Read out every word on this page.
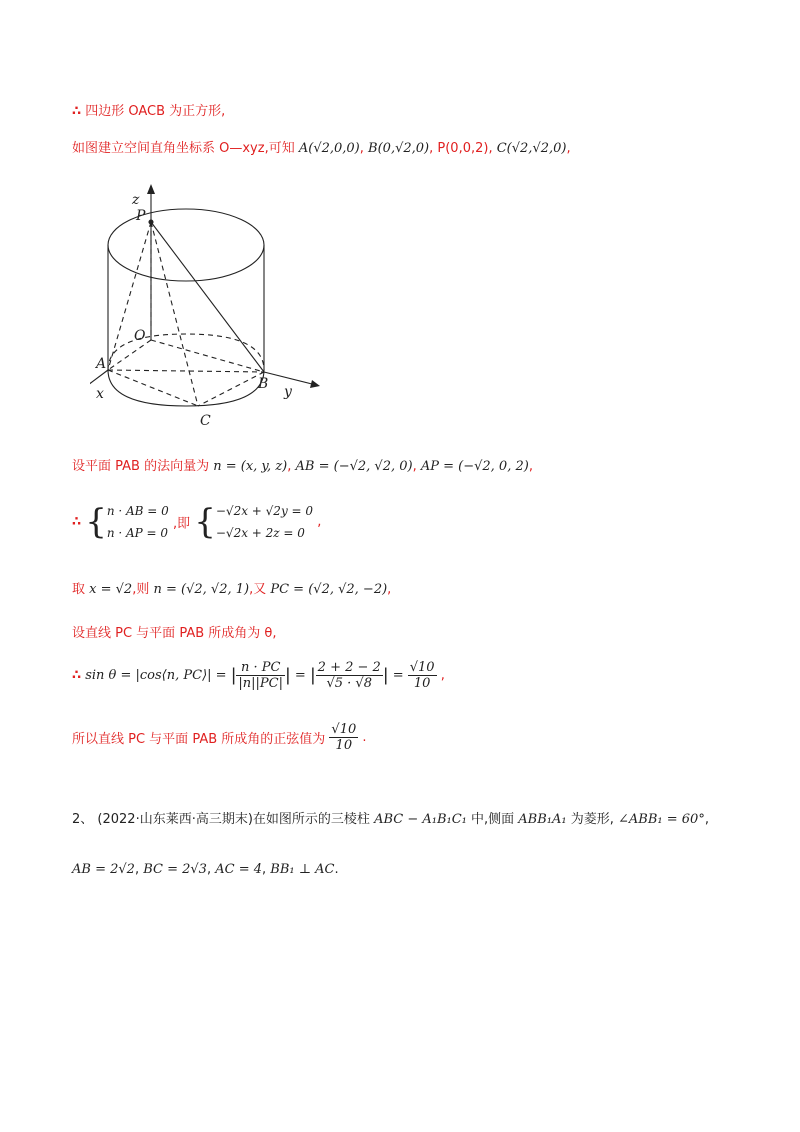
∴ 四边形 OACB 为正方形,
如图建立空间直角坐标系 O—xyz,可知 A(√2,0,0), B(0,√2,0), P(0,0,2), C(√2,√2,0),
z
P
O
A
x
B y
C
设平面 PAB 的法向量为 n = (x, y, z), AB = (−√2, √2, 0), AP = (−√2, 0, 2),
∴ {n · AB = 0
n · AP = 0 ,即 {−√2x + √2y = 0
−√2x + 2z = 0 ,
取 x = √2,则 n = (√2, √2, 1),又 PC = (√2, √2, −2),
设直线 PC 与平面 PAB 所成角为 θ,
∴ sin θ = |cos⟨n, PC⟩| = | $\frac{n \cdot PC}{|n||PC|}$ | = | $\frac{2 + 2 - 2}{√5 \cdot √8}$ | = $\frac{√10}{10}$ ,
所以直线 PC 与平面 PAB 所成角的正弦值为 $\frac{√10}{10}$ .
2、 (2022·山东莱西·高三期末)在如图所示的三棱柱 ABC − A₁B₁C₁ 中,侧面 ABB₁A₁ 为菱形, ∠ABB₁ = 60°,
AB = 2√2, BC = 2√3, AC = 4, BB₁ ⊥ AC.
